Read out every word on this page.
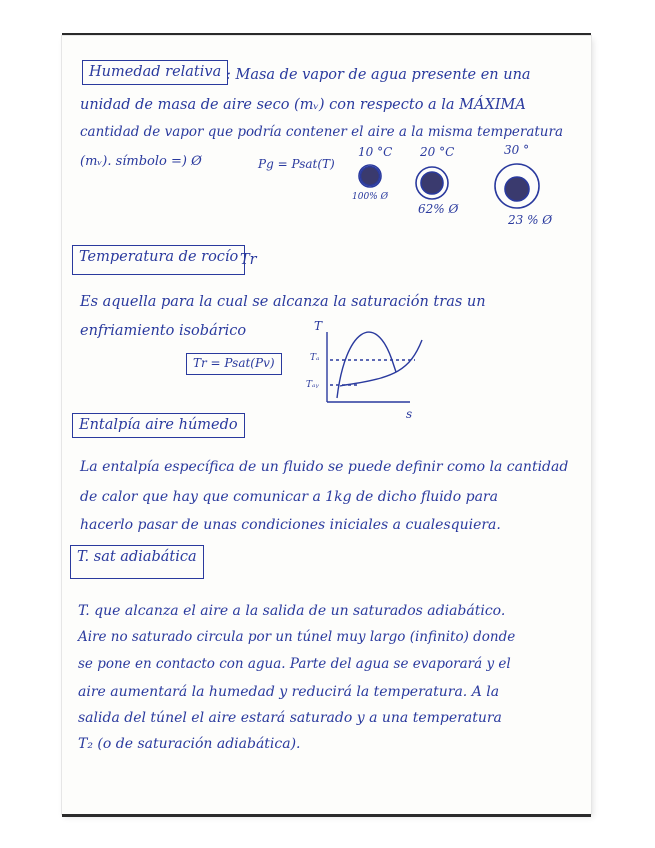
Humedad relativa : Masa de vapor de agua presente en una
unidad de masa de aire seco (mᵥ) con respecto a la MÁXIMA
cantidad de vapor que podría contener el aire a la misma temperatura
(mᵥ). símbolo =) Ø	Pg = Psat(T)
10 °C 20 °C	30 °
100% Ø
62% Ø
23 % Ø
Temperatura de rocío Tr
Es aquella para la cual se alcanza la saturación tras un
enfriamiento isobárico
Tr = Psat(Pv)
T
s
Tₐ
Tₐᵧ
Entalpía aire húmedo
La entalpía específica de un fluido se puede definir como la cantidad
de calor que hay que comunicar a 1kg de dicho fluido para
hacerlo pasar de unas condiciones iniciales a cualesquiera.
T. sat adiabática
T. que alcanza el aire a la salida de un saturados adiabático.
Aire no saturado circula por un túnel muy largo (infinito) donde
se pone en contacto con agua. Parte del agua se evaporará y el
aire aumentará la humedad y reducirá la temperatura. A la
salida del túnel el aire estará saturado y a una temperatura
T₂ (o de saturación adiabática).
